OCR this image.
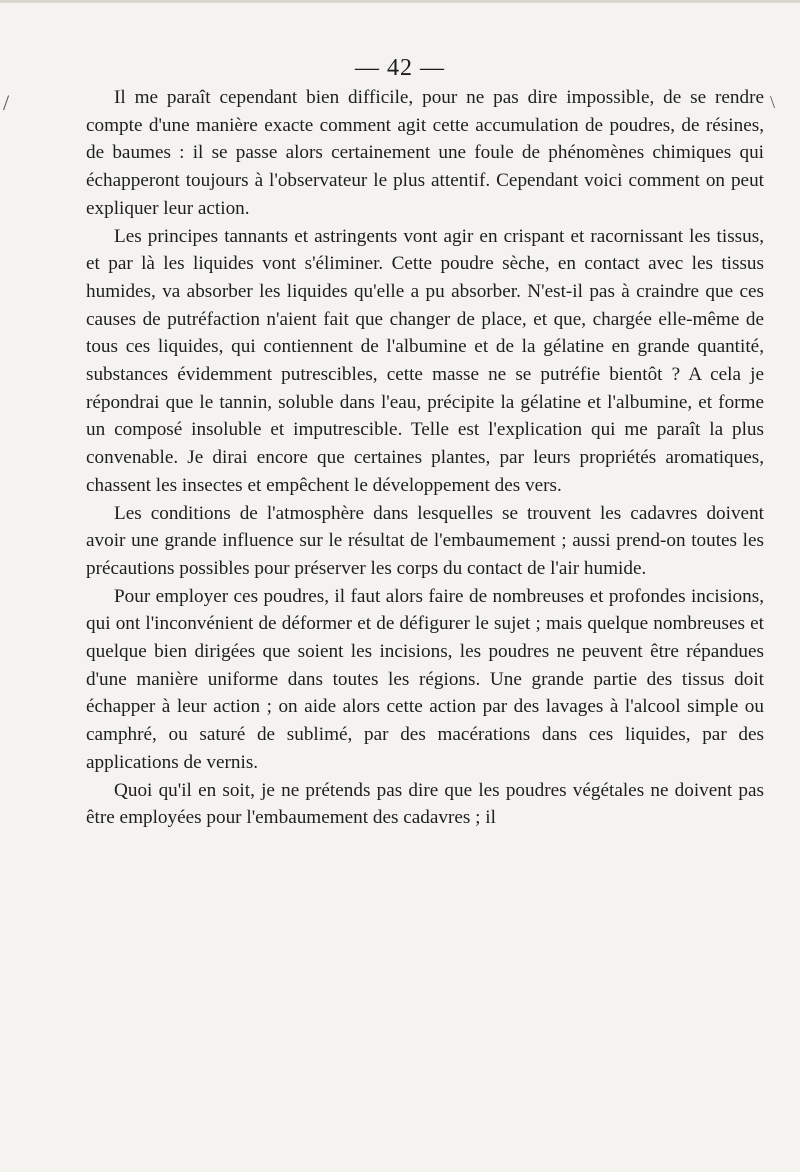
/	\
— 42 —

Il me paraît cependant bien difficile, pour ne pas dire impossible, de se rendre compte d'une manière exacte comment agit cette accumulation de poudres, de résines, de baumes : il se passe alors certainement une foule de phénomènes chimiques qui échapperont toujours à l'observateur le plus attentif. Cependant voici comment on peut expliquer leur action.

Les principes tannants et astringents vont agir en crispant et racornissant les tissus, et par là les liquides vont s'éliminer. Cette poudre sèche, en contact avec les tissus humides, va absorber les liquides qu'elle a pu absorber. N'est-il pas à craindre que ces causes de putréfaction n'aient fait que changer de place, et que, chargée elle-même de tous ces liquides, qui contiennent de l'albumine et de la gélatine en grande quantité, substances évidemment putrescibles, cette masse ne se putréfie bientôt ? A cela je répondrai que le tannin, soluble dans l'eau, précipite la gélatine et l'albumine, et forme un composé insoluble et imputrescible. Telle est l'explication qui me paraît la plus convenable. Je dirai encore que certaines plantes, par leurs propriétés aromatiques, chassent les insectes et empêchent le développement des vers.

Les conditions de l'atmosphère dans lesquelles se trouvent les cadavres doivent avoir une grande influence sur le résultat de l'embaumement ; aussi prend-on toutes les précautions possibles pour préserver les corps du contact de l'air humide.

Pour employer ces poudres, il faut alors faire de nombreuses et profondes incisions, qui ont l'inconvénient de déformer et de défigurer le sujet ; mais quelque nombreuses et quelque bien dirigées que soient les incisions, les poudres ne peuvent être répandues d'une manière uniforme dans toutes les régions. Une grande partie des tissus doit échapper à leur action ; on aide alors cette action par des lavages à l'alcool simple ou camphré, ou saturé de sublimé, par des macérations dans ces liquides, par des applications de vernis.

Quoi qu'il en soit, je ne prétends pas dire que les poudres végétales ne doivent pas être employées pour l'embaumement des cadavres ; il
